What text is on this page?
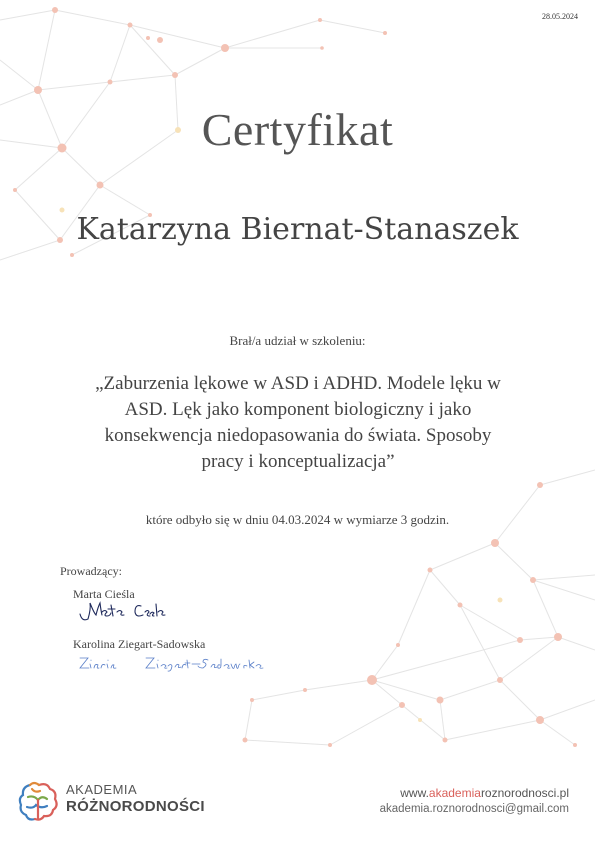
28.05.2024
Certyfikat
Katarzyna Biernat-Stanaszek
Brał/a udział w szkoleniu:
„Zaburzenia lękowe w ASD i ADHD. Modele lęku w
ASD. Lęk jako komponent biologiczny i jako
konsekwencja niedopasowania do świata. Sposoby
pracy i konceptualizacja”
które odbyło się w dniu 04.03.2024 w wymiarze 3 godzin.
Prowadzący:
Marta Cieśla
Karolina Ziegart-Sadowska
AKADEMIA
RÓŻNORODNOŚCI
www.akademiaroznorodnosci.pl
akademia.roznorodnosci@gmail.com
